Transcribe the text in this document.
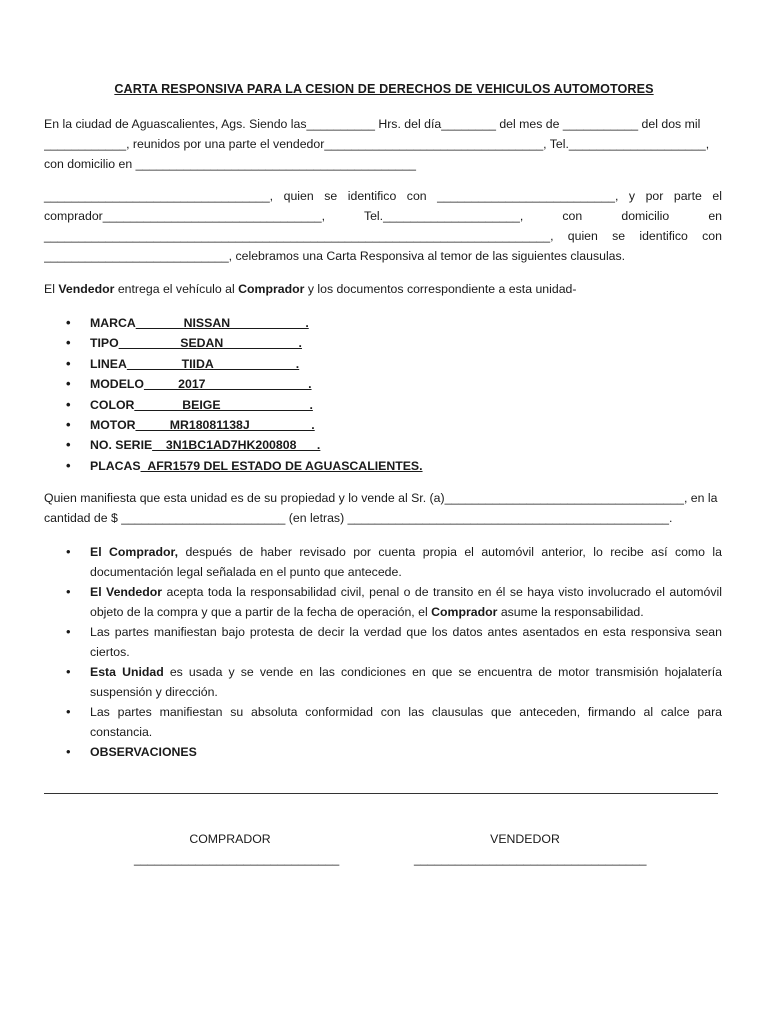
CARTA RESPONSIVA PARA LA CESION DE DERECHOS DE VEHICULOS AUTOMOTORES
En la ciudad de Aguascalientes, Ags. Siendo las__________ Hrs. del día________ del mes de ___________ del dos mil
____________, reunidos por una parte el vendedor________________________________, Tel.____________________,
con domicilio en _________________________________________
_________________________________, quien se identifico con __________________________, y por parte el
comprador________________________________, Tel.____________________, con domicilio en
__________________________________________________________________________, quien se identifico con
___________________________, celebramos una Carta Responsiva al temor de las siguientes clausulas.
El Vendedor entrega el vehículo al Comprador y los documentos correspondiente a esta unidad-
• MARCA_______NISSAN___________.
• TIPO_________SEDAN___________.
• LINEA________TIIDA____________.
• MODELO_____2017_______________.
• COLOR_______BEIGE_____________.
• MOTOR_____MR18081138J_________.
• NO. SERIE__3N1BC1AD7HK200808___.
• PLACAS_AFR1579 DEL ESTADO DE AGUASCALIENTES.
Quien manifiesta que esta unidad es de su propiedad y lo vende al Sr. (a)___________________________________, en la
cantidad de $ ________________________ (en letras) _______________________________________________.
• El Comprador, después de haber revisado por cuenta propia el automóvil anterior, lo recibe así como la documentación legal señalada en el punto que antecede.
• El Vendedor acepta toda la responsabilidad civil, penal o de transito en él se haya visto involucrado el automóvil objeto de la compra y que a partir de la fecha de operación, el Comprador asume la responsabilidad.
• Las partes manifiestan bajo protesta de decir la verdad que los datos antes asentados en esta responsiva sean ciertos.
• Esta Unidad es usada y se vende en las condiciones en que se encuentra de motor transmisión hojalatería suspensión y dirección.
• Las partes manifiestan su absoluta conformidad con las clausulas que anteceden, firmando al calce para constancia.
• OBSERVACIONES
COMPRADOR
______________________________
VENDEDOR
__________________________________
